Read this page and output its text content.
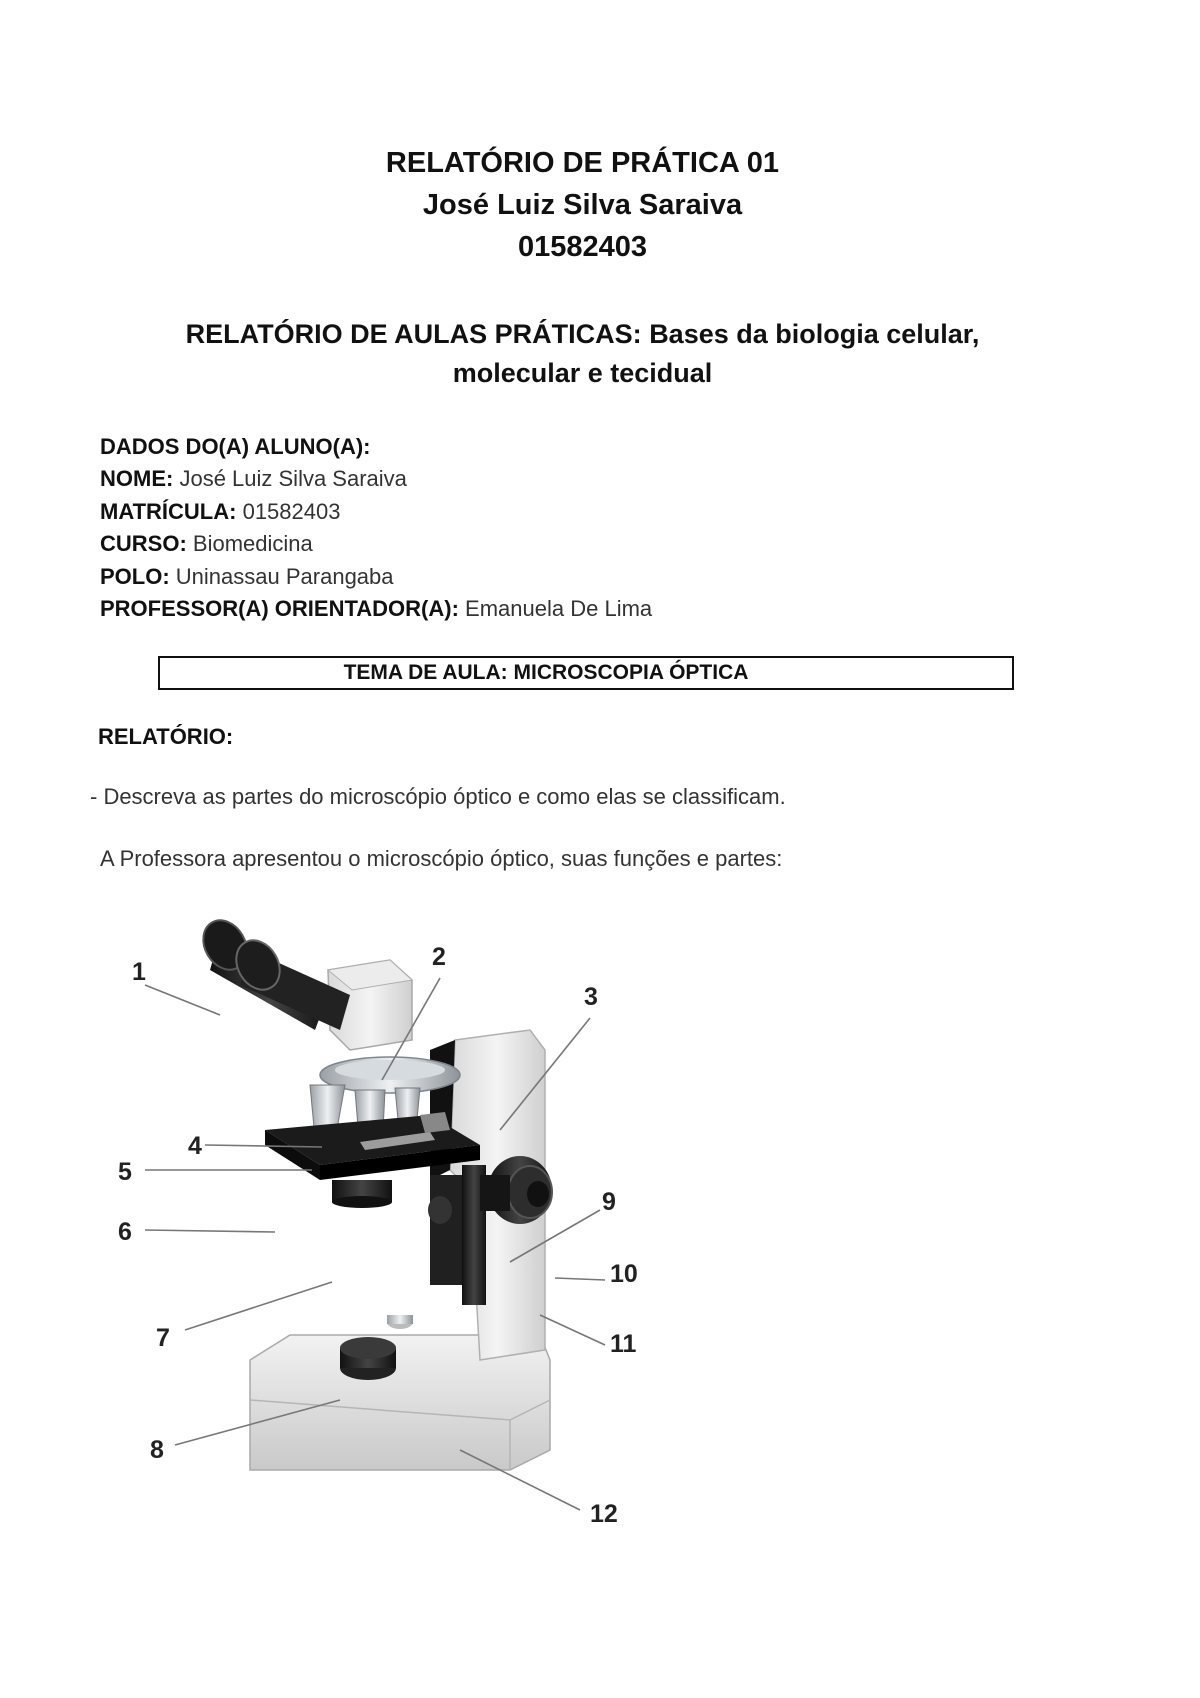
RELATÓRIO DE PRÁTICA 01
José Luiz Silva Saraiva
01582403
RELATÓRIO DE AULAS PRÁTICAS: Bases da biologia celular,
molecular e tecidual
DADOS DO(A) ALUNO(A):
NOME: José Luiz Silva Saraiva
MATRÍCULA: 01582403
CURSO: Biomedicina
POLO: Uninassau Parangaba
PROFESSOR(A) ORIENTADOR(A): Emanuela De Lima
TEMA DE AULA: MICROSCOPIA ÓPTICA
RELATÓRIO:
- Descreva as partes do microscópio óptico e como elas se classificam.
A Professora apresentou o microscópio óptico, suas funções e partes:
1
2
3
4
5
6
7
8
9
10
11
12
